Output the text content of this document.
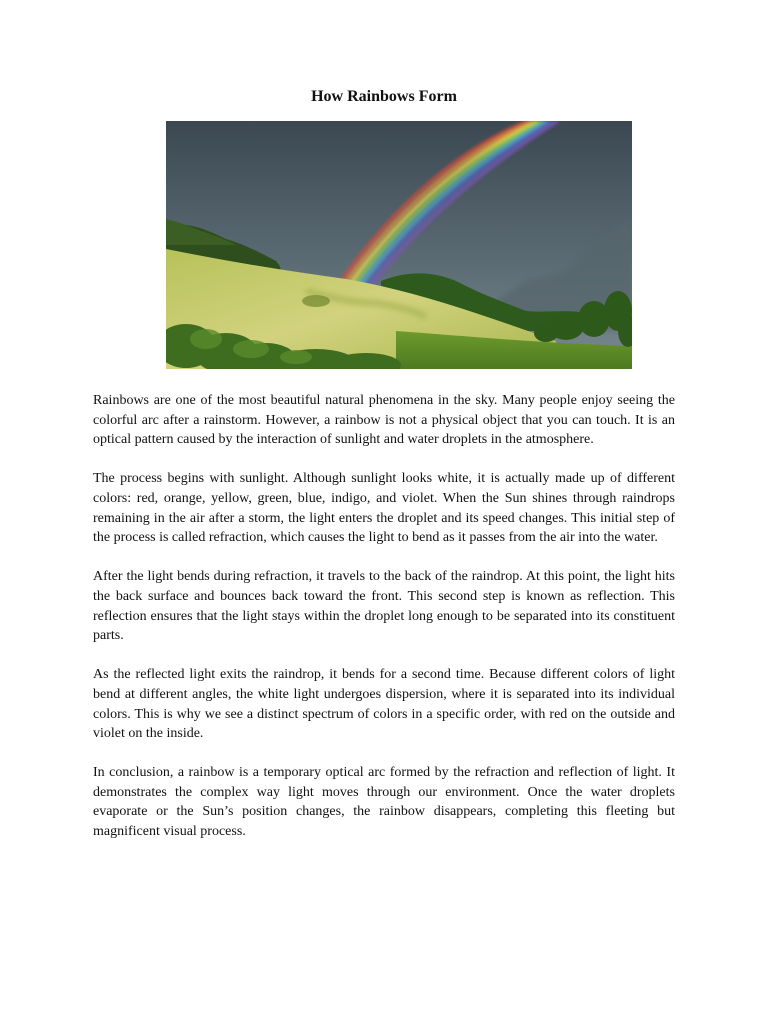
How Rainbows Form

Rainbows are one of the most beautiful natural phenomena in the sky. Many people enjoy seeing the colorful arc after a rainstorm. However, a rainbow is not a physical object that you can touch. It is an optical pattern caused by the interaction of sunlight and water droplets in the atmosphere.

The process begins with sunlight. Although sunlight looks white, it is actually made up of different colors: red, orange, yellow, green, blue, indigo, and violet. When the Sun shines through raindrops remaining in the air after a storm, the light enters the droplet and its speed changes. This initial step of the process is called refraction, which causes the light to bend as it passes from the air into the water.

After the light bends during refraction, it travels to the back of the raindrop. At this point, the light hits the back surface and bounces back toward the front. This second step is known as reflection. This reflection ensures that the light stays within the droplet long enough to be separated into its constituent parts.

As the reflected light exits the raindrop, it bends for a second time. Because different colors of light bend at different angles, the white light undergoes dispersion, where it is separated into its individual colors. This is why we see a distinct spectrum of colors in a specific order, with red on the outside and violet on the inside.

In conclusion, a rainbow is a temporary optical arc formed by the refraction and reflection of light. It demonstrates the complex way light moves through our environment. Once the water droplets evaporate or the Sun’s position changes, the rainbow disappears, completing this fleeting but magnificent visual process.
